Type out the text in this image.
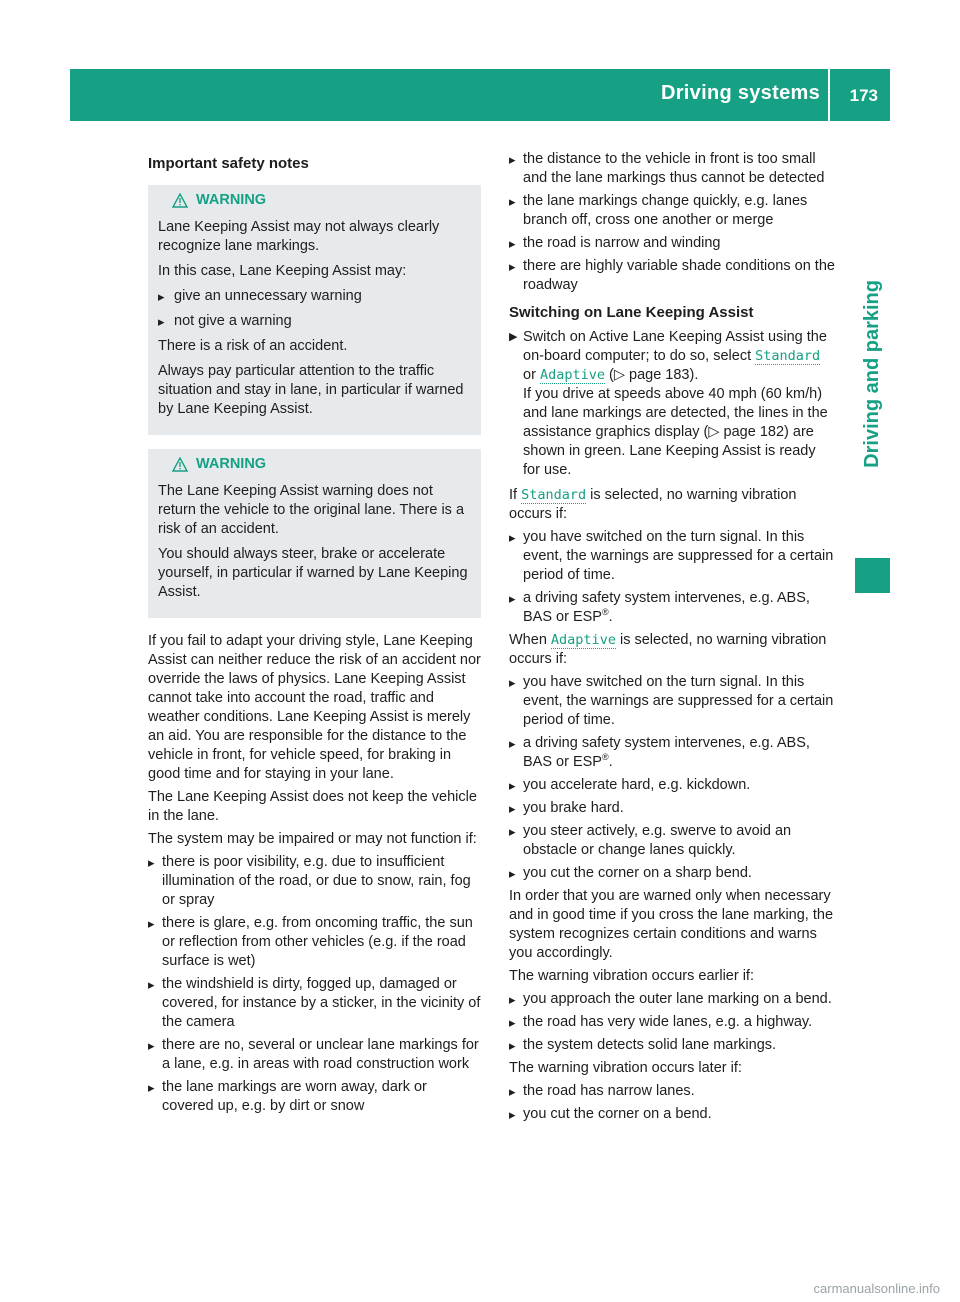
Driving systems 173
Driving and parking
Important safety notes
WARNING

Lane Keeping Assist may not always clearly recognize lane markings.

In this case, Lane Keeping Assist may:

▸ give an unnecessary warning
▸ not give a warning

There is a risk of an accident.

Always pay particular attention to the traffic situation and stay in lane, in particular if warned by Lane Keeping Assist.

WARNING

The Lane Keeping Assist warning does not return the vehicle to the original lane. There is a risk of an accident.

You should always steer, brake or accelerate yourself, in particular if warned by Lane Keeping Assist.

If you fail to adapt your driving style, Lane Keeping Assist can neither reduce the risk of an accident nor override the laws of physics. Lane Keeping Assist cannot take into account the road, traffic and weather conditions. Lane Keeping Assist is merely an aid. You are responsible for the distance to the vehicle in front, for vehicle speed, for braking in good time and for staying in your lane.

The Lane Keeping Assist does not keep the vehicle in the lane.

The system may be impaired or may not function if:

▸ there is poor visibility, e.g. due to insufficient illumination of the road, or due to snow, rain, fog or spray
▸ there is glare, e.g. from oncoming traffic, the sun or reflection from other vehicles (e.g. if the road surface is wet)
▸ the windshield is dirty, fogged up, damaged or covered, for instance by a sticker, in the vicinity of the camera
▸ there are no, several or unclear lane markings for a lane, e.g. in areas with road construction work
▸ the lane markings are worn away, dark or covered up, e.g. by dirt or snow
▸ the distance to the vehicle in front is too small and the lane markings thus cannot be detected
▸ the lane markings change quickly, e.g. lanes branch off, cross one another or merge
▸ the road is narrow and winding
▸ there are highly variable shade conditions on the roadway
Switching on Lane Keeping Assist
▶ Switch on Active Lane Keeping Assist using the on-board computer; to do so, select Standard or Adaptive (▷ page 183).
If you drive at speeds above 40 mph (60 km/h) and lane markings are detected, the lines in the assistance graphics display (▷ page 182) are shown in green. Lane Keeping Assist is ready for use.

If Standard is selected, no warning vibration occurs if:

▸ you have switched on the turn signal. In this event, the warnings are suppressed for a certain period of time.
▸ a driving safety system intervenes, e.g. ABS, BAS or ESP®.

When Adaptive is selected, no warning vibration occurs if:

▸ you have switched on the turn signal. In this event, the warnings are suppressed for a certain period of time.
▸ a driving safety system intervenes, e.g. ABS, BAS or ESP®.
▸ you accelerate hard, e.g. kickdown.
▸ you brake hard.
▸ you steer actively, e.g. swerve to avoid an obstacle or change lanes quickly.
▸ you cut the corner on a sharp bend.

In order that you are warned only when necessary and in good time if you cross the lane marking, the system recognizes certain conditions and warns you accordingly.

The warning vibration occurs earlier if:

▸ you approach the outer lane marking on a bend.
▸ the road has very wide lanes, e.g. a highway.
▸ the system detects solid lane markings.

The warning vibration occurs later if:

▸ the road has narrow lanes.
▸ you cut the corner on a bend.
carmanualsonline.info
